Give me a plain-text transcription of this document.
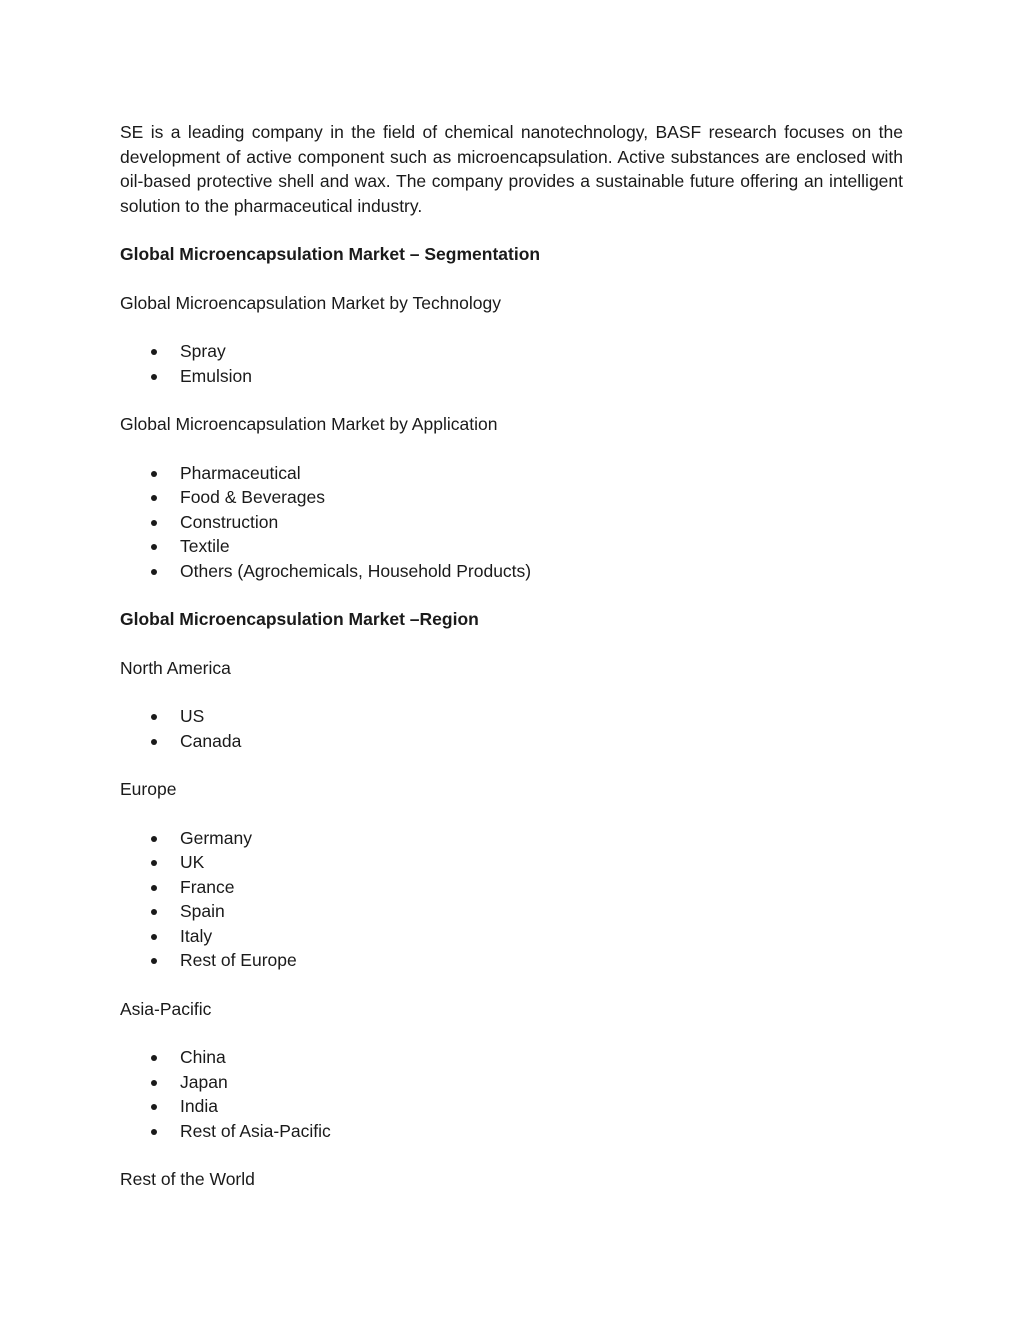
SE is a leading company in the field of chemical nanotechnology, BASF research focuses on the development of active component such as microencapsulation. Active substances are enclosed with oil-based protective shell and wax. The company provides a sustainable future offering an intelligent solution to the pharmaceutical industry.

Global Microencapsulation Market – Segmentation

Global Microencapsulation Market by Technology

Spray
Emulsion

Global Microencapsulation Market by Application

Pharmaceutical
Food & Beverages
Construction
Textile
Others (Agrochemicals, Household Products)

Global Microencapsulation Market –Region

North America

US
Canada

Europe

Germany
UK
France
Spain
Italy
Rest of Europe

Asia-Pacific

China
Japan
India
Rest of Asia-Pacific

Rest of the World
